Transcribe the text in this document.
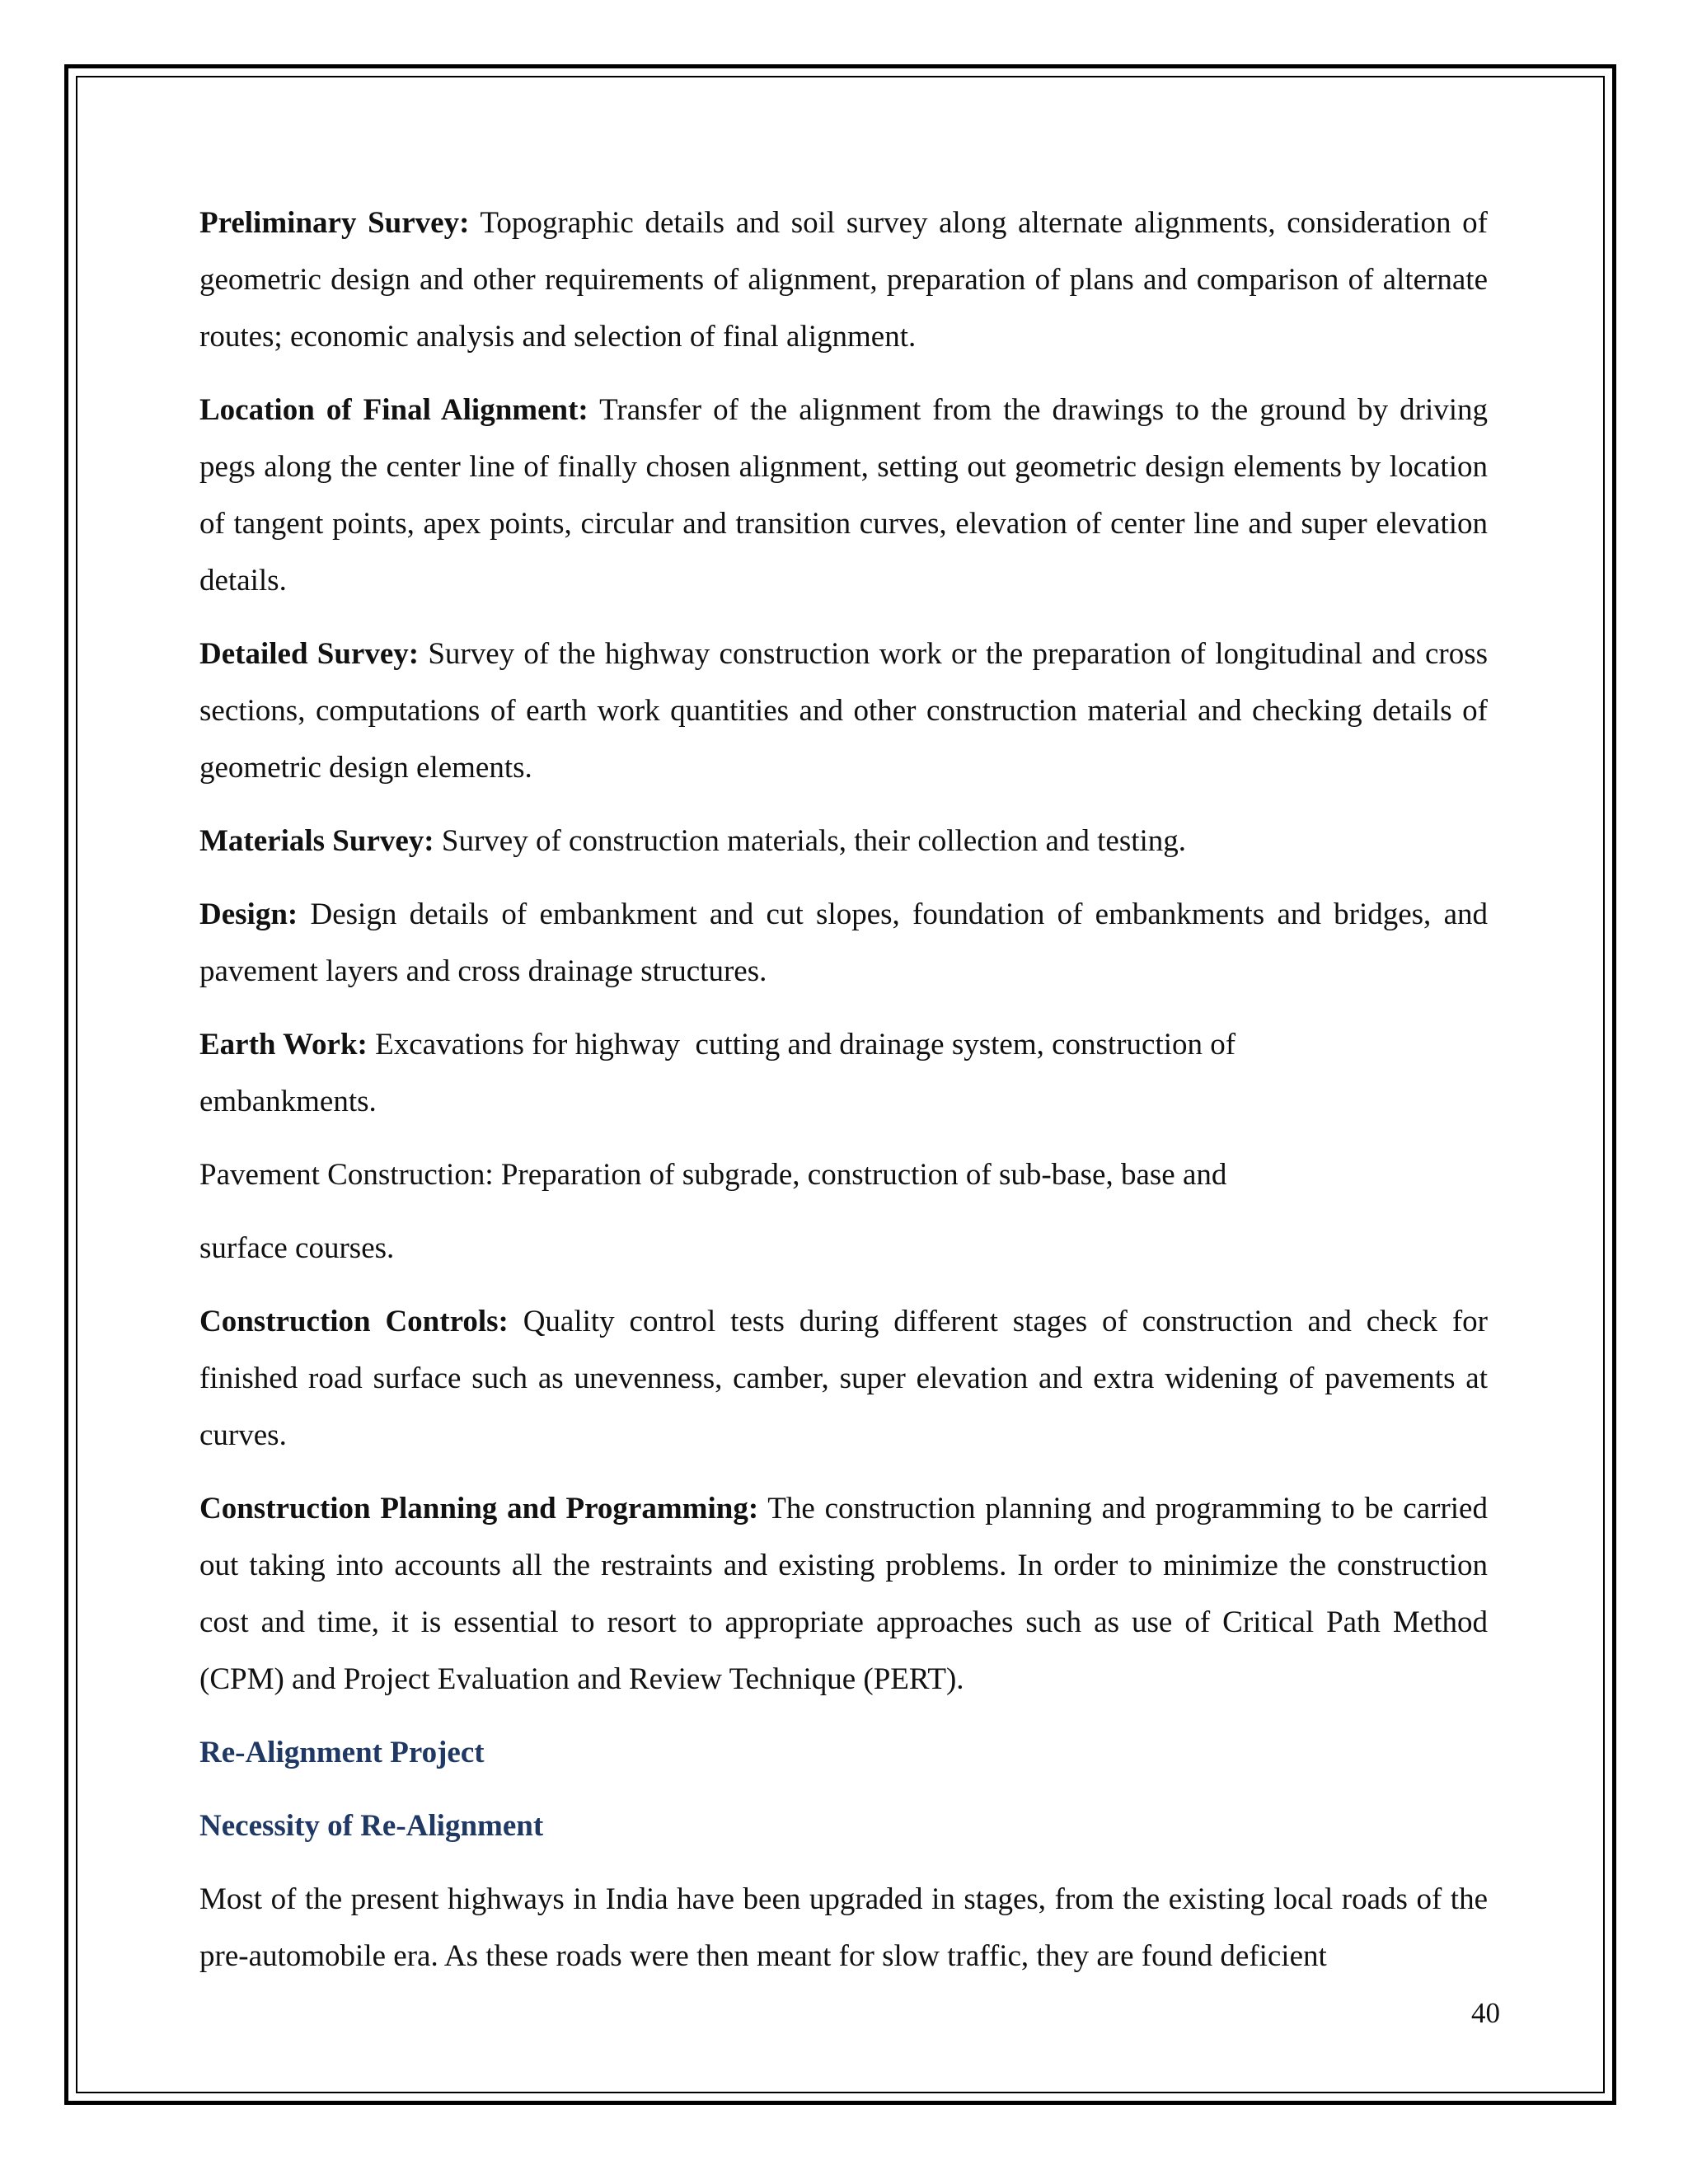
Preliminary Survey: Topographic details and soil survey along alternate alignments, consideration of geometric design and other requirements of alignment, preparation of plans and comparison of alternate routes; economic analysis and selection of final alignment.

Location of Final Alignment: Transfer of the alignment from the drawings to the ground by driving pegs along the center line of finally chosen alignment, setting out geometric design elements by location of tangent points, apex points, circular and transition curves, elevation of center line and super elevation details.

Detailed Survey: Survey of the highway construction work or the preparation of longitudinal and cross sections, computations of earth work quantities and other construction material and checking details of geometric design elements.

Materials Survey: Survey of construction materials, their collection and testing.

Design: Design details of embankment and cut slopes, foundation of embankments and bridges, and pavement layers and cross drainage structures.

Earth Work: Excavations for highway  cutting and drainage system, construction of embankments.

Pavement Construction: Preparation of subgrade, construction of sub-base, base and

surface courses.

Construction Controls: Quality control tests during different stages of construction and check for finished road surface such as unevenness, camber, super elevation and extra widening of pavements at curves.

Construction Planning and Programming: The construction planning and programming to be carried out taking into accounts all the restraints and existing problems. In order to minimize the construction cost and time, it is essential to resort to appropriate approaches such as use of Critical Path Method (CPM) and Project Evaluation and Review Technique (PERT).

Re-Alignment Project
Necessity of Re-Alignment

Most of the present highways in India have been upgraded in stages, from the existing local roads of the pre-automobile era. As these roads were then meant for slow traffic, they are found deficient

40
